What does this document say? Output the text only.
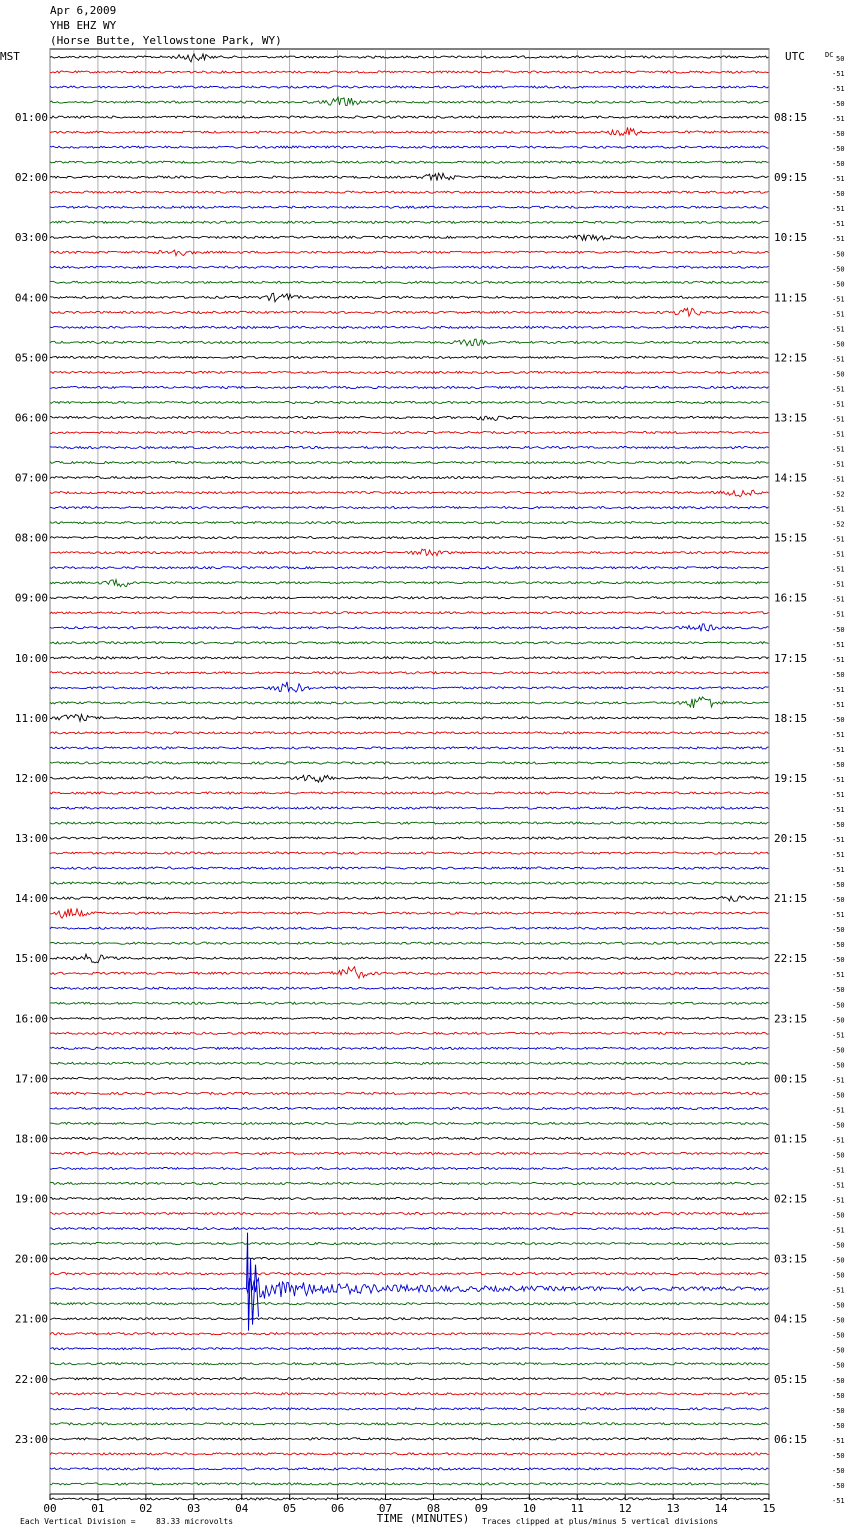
Apr 6,2009
YHB EHZ WY
(Horse Butte, Yellowstone Park, WY)
MST	UTC
00	01	02	03	04	05	06	07	08	09	10	11	12	13	14	15
TIME (MINUTES)
Each Vertical Division =	83.33 microvolts	Traces clipped at plus/minus 5 vertical divisions
DC 50
-51
-51
-50
-51
-50
-50
-50
-51
-50
-51
-51
-51
-50
-50
-50
-51
-51
-51
-50
-51
-50
-51
-51
-51
-51
-51
-51
-51
-52
-51
-52
-51
-51
-51
-51
-51
-51
-50
-51
-51
-50
-51
-51
-50
-51
-51
-50
-51
-51
-51
-50
-51
-51
-51
-50
-50
-51
-50
-50
-50
-51
-50
-50
-50
-51
-50
-50
-51
-50
-51
-50
-51
-50
-51
-51
-51
-50
-51
-50
-50
-50
-51
-50
-50
-50
-50
-50
-50
-50
-50
-50
-51
-50
-50
-50
-51
01:00
02:00
03:00
04:00
05:00
06:00
07:00
08:00
09:00
10:00
11:00
12:00
13:00
14:00
15:00
16:00
17:00
18:00
19:00
20:00
21:00
22:00
23:00
08:15
09:15
10:15
11:15
12:15
13:15
14:15
15:15
16:15
17:15
18:15
19:15
20:15
21:15
22:15
23:15
00:15
01:15
02:15
03:15
04:15
05:15
06:15
